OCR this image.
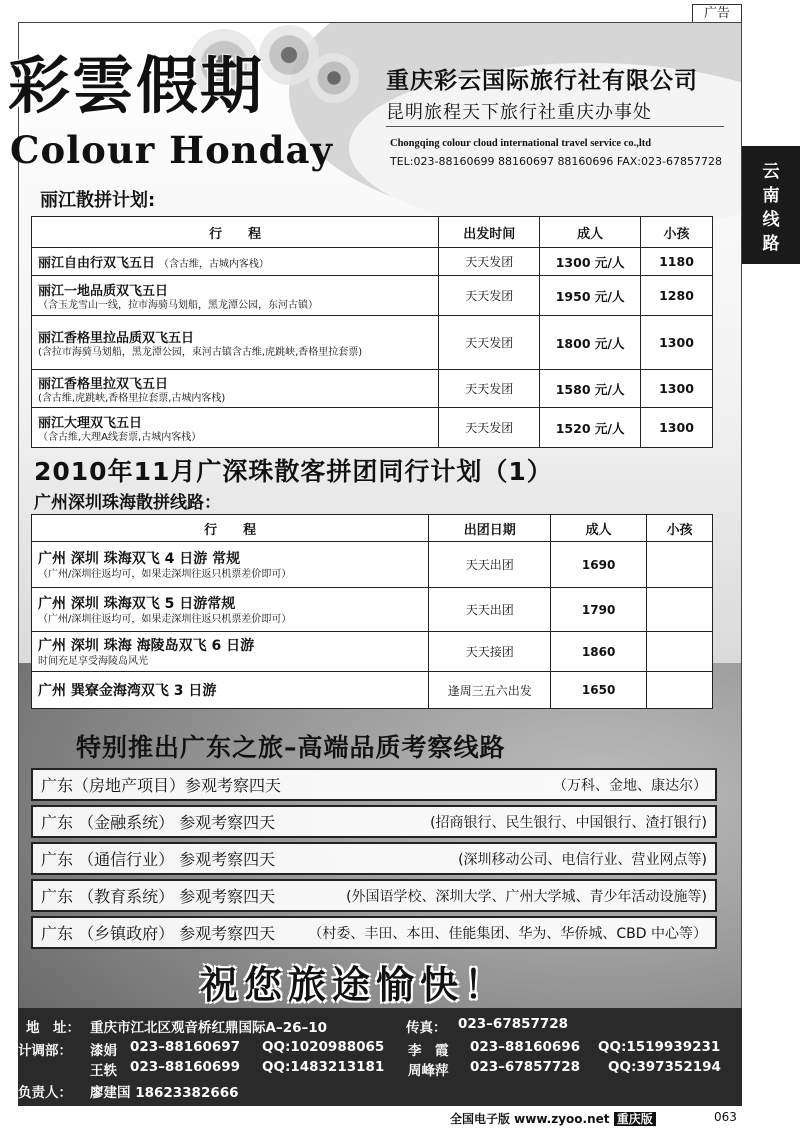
广告
云
南
线
路
彩雲假期
Colour Honday
重庆彩云国际旅行社有限公司
昆明旅程天下旅行社重庆办事处
Chongqing colour cloud international travel service co.,ltd
TEL:023-88160699 88160697 88160696 FAX:023-67857728
丽江散拼计划:
行　　程	出发时间	成人	小孩
丽江自由行双飞五日 （含古维，古城内客栈）	天天发团	1300 元/人	1180

丽江一地品质双飞五日
（含玉龙雪山一线，拉市海骑马划船，黑龙潭公园，东河古镇）	天天发团	1950 元/人	1280

丽江香格里拉品质双飞五日
(含拉市海骑马划船，黑龙潭公园，束河古镇含古维,虎跳峡,香格里拉套票)	天天发团	1800 元/人	1300

丽江香格里拉双飞五日
(含古维,虎跳峡,香格里拉套票,古城内客栈)	天天发团	1580 元/人	1300

丽江大理双飞五日
（含古维,大理A线套票,古城内客栈）	天天发团	1520 元/人	1300
2010年11月广深珠散客拼团同行计划（1）
广州深圳珠海散拼线路：
行　　程	出团日期	成人	小孩

广州 深圳 珠海双飞 4 日游 常规
（广州/深圳往返均可，如果走深圳往返只机票差价即可）	天天出团	1690	

广州 深圳 珠海双飞 5 日游常规
（广州/深圳往返均可，如果走深圳往返只机票差价即可）	天天出团	1790	

广州 深圳 珠海 海陵岛双飞 6 日游
时间充足享受海陵岛风光	天天接团	1860	

广州 巽寮金海湾双飞 3 日游	逢周三五六出发	1650	
特别推出广东之旅–高端品质考察线路
广东（房地产项目）参观考察四天	（万科、金地、康达尔）
广东 （金融系统） 参观考察四天	(招商银行、民生银行、中国银行、渣打银行)
广东 （通信行业） 参观考察四天	(深圳移动公司、电信行业、营业网点等)
广东 （教育系统） 参观考察四天	(外国语学校、深圳大学、广州大学城、青少年活动设施等)
广东 （乡镇政府） 参观考察四天	（村委、丰田、本田、佳能集团、华为、华侨城、CBD 中心等）
祝您旅途愉快！
地　址： 重庆市江北区观音桥红鼎国际A–26–10	传真： 023–67857728
计调部： 漆娟 023–88160697 QQ:1020988065 李　霞 023–88160696 QQ:1519939231
王轶 023–88160699 QQ:1483213181 周峰萍 023–67857728 QQ:397352194
负责人： 廖建国 18623382666
全国电子版 www.zyoo.net 重庆版	063
